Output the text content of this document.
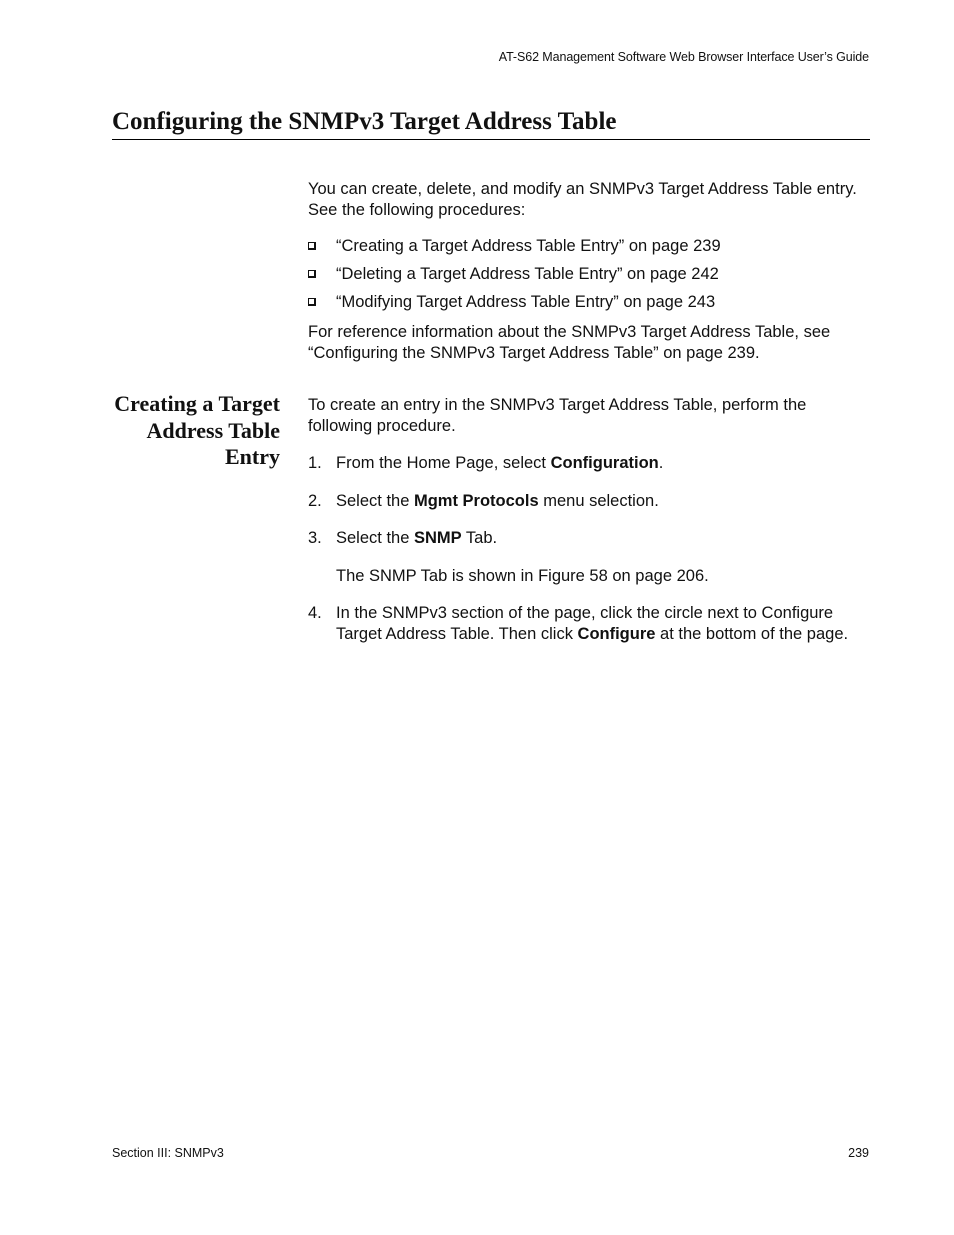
AT-S62 Management Software Web Browser Interface User’s Guide
Configuring the SNMPv3 Target Address Table

You can create, delete, and modify an SNMPv3 Target Address Table entry. See the following procedures:

“Creating a Target Address Table Entry” on page 239
“Deleting a Target Address Table Entry” on page 242
“Modifying Target Address Table Entry” on page 243

For reference information about the SNMPv3 Target Address Table, see “Configuring the SNMPv3 Target Address Table” on page 239.

Creating a Target
Address Table
Entry

To create an entry in the SNMPv3 Target Address Table, perform the following procedure.

1. From the Home Page, select Configuration.
2. Select the Mgmt Protocols menu selection.
3. Select the SNMP Tab.
The SNMP Tab is shown in Figure 58 on page 206.
4. In the SNMPv3 section of the page, click the circle next to Configure Target Address Table. Then click Configure at the bottom of the page.
Section III: SNMPv3	239
